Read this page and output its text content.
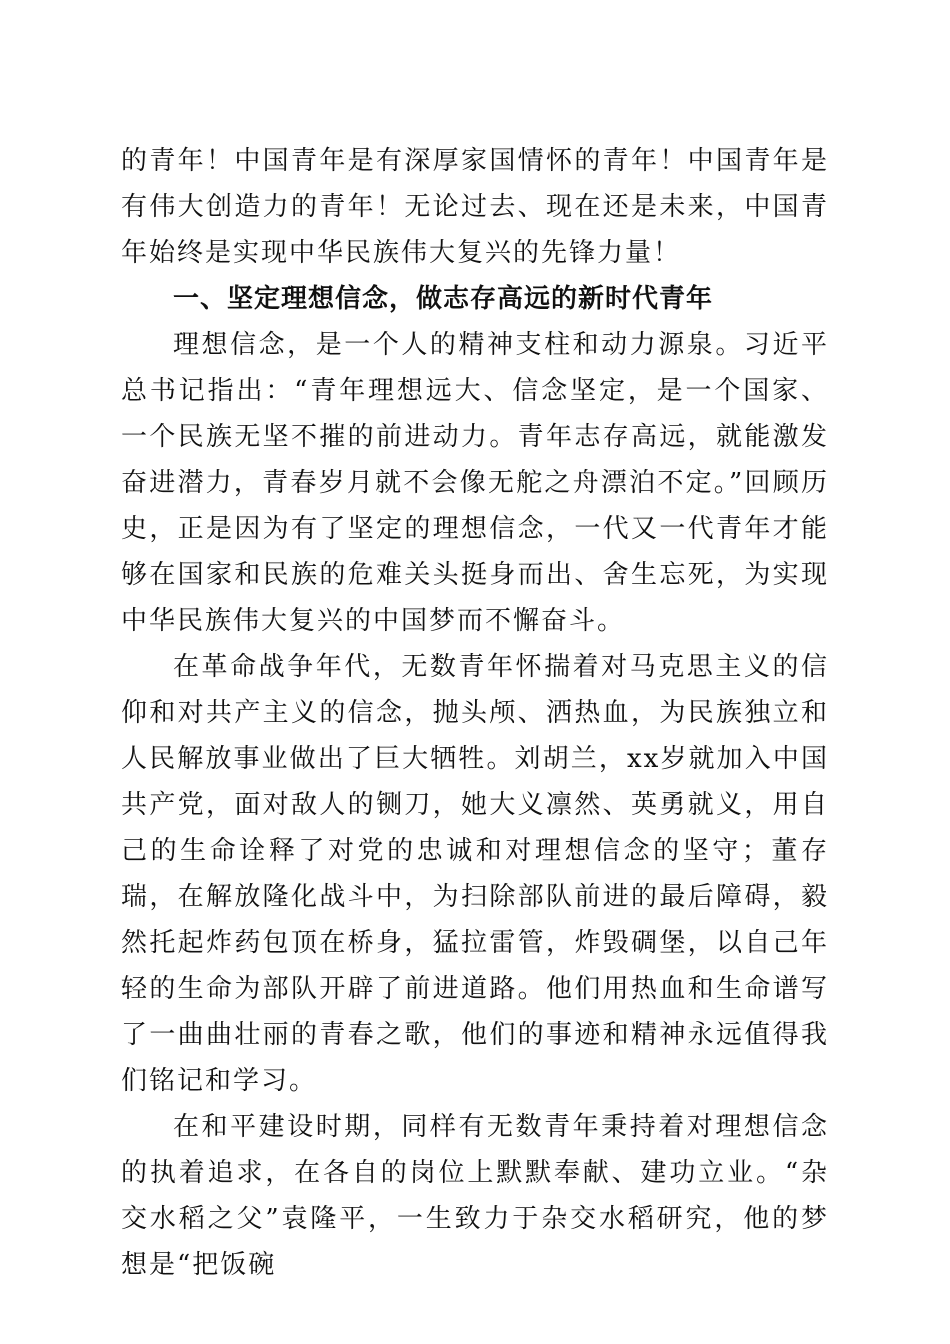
的青年！中国青年是有深厚家国情怀的青年！中国青年是有伟大创造力的青年！无论过去、现在还是未来，中国青年始终是实现中华民族伟大复兴的先锋力量！

一、坚定理想信念，做志存高远的新时代青年

理想信念，是一个人的精神支柱和动力源泉。习近平总书记指出：“青年理想远大、信念坚定，是一个国家、一个民族无坚不摧的前进动力。青年志存高远，就能激发奋进潜力，青春岁月就不会像无舵之舟漂泊不定。”回顾历史，正是因为有了坚定的理想信念，一代又一代青年才能够在国家和民族的危难关头挺身而出、舍生忘死，为实现中华民族伟大复兴的中国梦而不懈奋斗。

在革命战争年代，无数青年怀揣着对马克思主义的信仰和对共产主义的信念，抛头颅、洒热血，为民族独立和人民解放事业做出了巨大牺牲。刘胡兰，xx岁就加入中国共产党，面对敌人的铡刀，她大义凛然、英勇就义，用自己的生命诠释了对党的忠诚和对理想信念的坚守；董存瑞，在解放隆化战斗中，为扫除部队前进的最后障碍，毅然托起炸药包顶在桥身，猛拉雷管，炸毁碉堡，以自己年轻的生命为部队开辟了前进道路。他们用热血和生命谱写了一曲曲壮丽的青春之歌，他们的事迹和精神永远值得我们铭记和学习。

在和平建设时期，同样有无数青年秉持着对理想信念的执着追求，在各自的岗位上默默奉献、建功立业。“杂交水稻之父”袁隆平，一生致力于杂交水稻研究，他的梦想是“把饭碗
